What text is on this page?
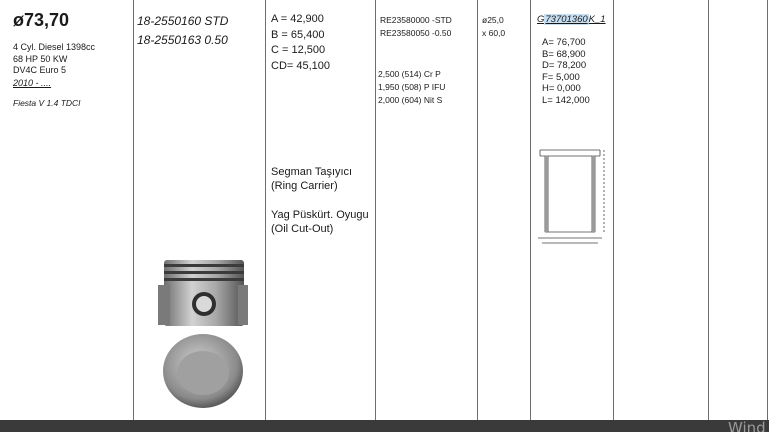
ø73,70
4 Cyl. Diesel 1398cc
68 HP 50 KW
DV4C Euro 5
2010 - ....
Fiesta V 1.4 TDCI
18-2550160 STD
18-2550163 0.50
A = 42,900
B = 65,400
C = 12,500
CD= 45,100
Segman Taşıyıcı
(Ring Carrier)
Yag Püskürt. Oyugu
(Oil Cut-Out)
RE23580000 -STD
RE23580050 -0.50
2,500 (514) Cr P
1,950 (508) P IFU
2,000 (604) Nit S
ø25,0
x 60,0
G73701360K_1
A= 76,700
B= 68,900
D= 78,200
F= 5,000
H= 0,000
L= 142,000
Wind
